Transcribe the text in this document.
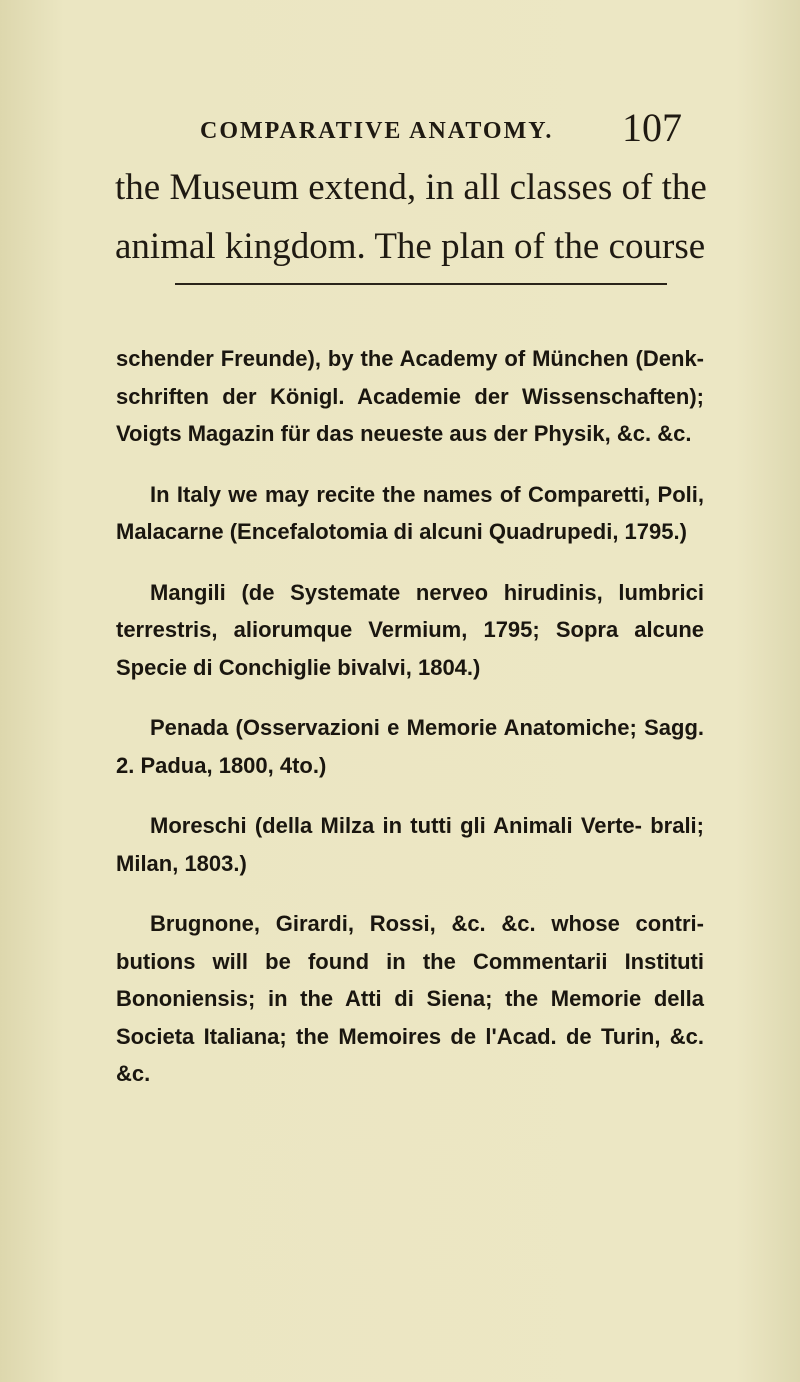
COMPARATIVE ANATOMY. 107

the Museum extend, in all classes of the

animal kingdom. The plan of the course

schender Freunde), by the Academy of München (Denk- schriften der Königl. Academie der Wissenschaften); Voigts Magazin für das neueste aus der Physik, &c. &c.

In Italy we may recite the names of Comparetti, Poli, Malacarne (Encefalotomia di alcuni Quadrupedi, 1795.)

Mangili (de Systemate nerveo hirudinis, lumbrici terrestris, aliorumque Vermium, 1795; Sopra alcune Specie di Conchiglie bivalvi, 1804.)

Penada (Osservazioni e Memorie Anatomiche; Sagg. 2. Padua, 1800, 4to.)

Moreschi (della Milza in tutti gli Animali Verte- brali; Milan, 1803.)

Brugnone, Girardi, Rossi, &c. &c. whose contri- butions will be found in the Commentarii Instituti Bononiensis; in the Atti di Siena; the Memorie della Societa Italiana; the Memoires de l'Acad. de Turin, &c. &c.
